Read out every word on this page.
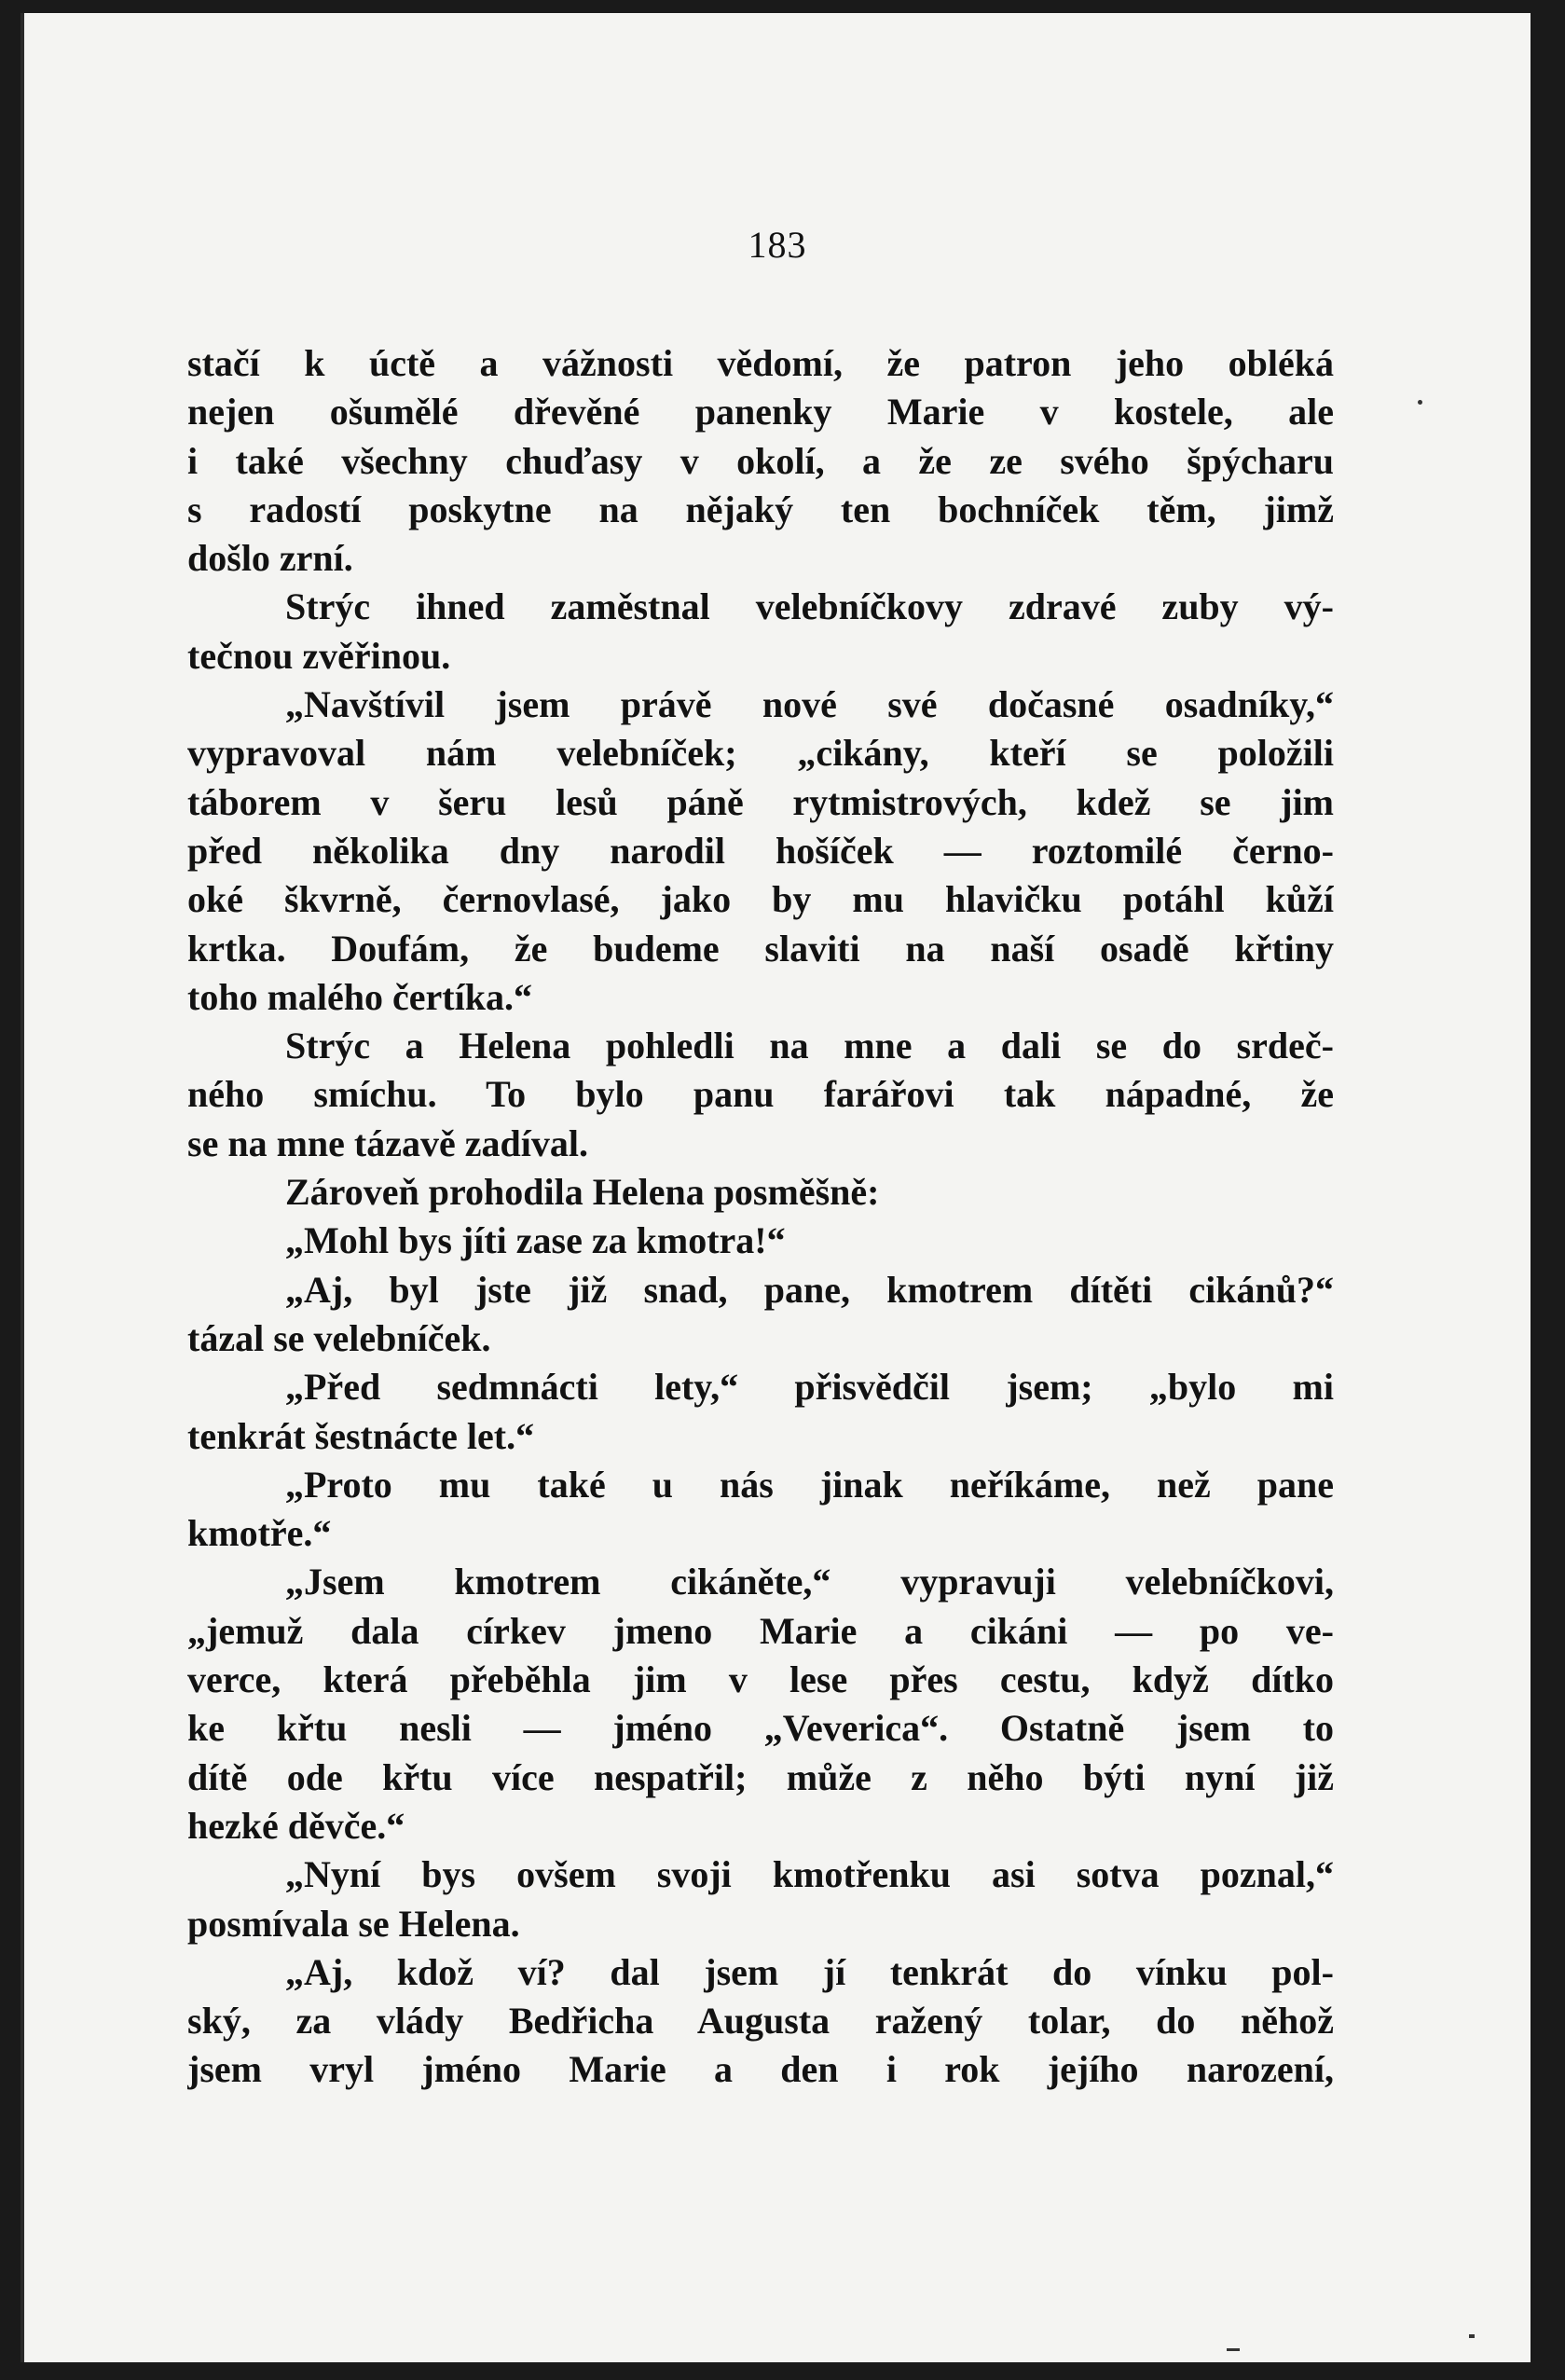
183
stačí k úctě a vážnosti vědomí, že patron jeho obléká
nejen ošumělé dřevěné panenky Marie v kostele, ale
i také všechny chuďasy v okolí, a že ze svého špýcharu
s radostí poskytne na nějaký ten bochníček těm, jimž
došlo zrní.
Strýc ihned zaměstnal velebníčkovy zdravé zuby vý-
tečnou zvěřinou.
„Navštívil jsem právě nové své dočasné osadníky,“
vypravoval nám velebníček; „cikány, kteří se položili
táborem v šeru lesů páně rytmistrových, kdež se jim
před několika dny narodil hošíček — roztomilé černo-
oké škvrně, černovlasé, jako by mu hlavičku potáhl kůží
krtka. Doufám, že budeme slaviti na naší osadě křtiny
toho malého čertíka.“
Strýc a Helena pohledli na mne a dali se do srdeč-
ného smíchu. To bylo panu farářovi tak nápadné, že
se na mne tázavě zadíval.
Zároveň prohodila Helena posměšně:
„Mohl bys jíti zase za kmotra!“
„Aj, byl jste již snad, pane, kmotrem dítěti cikánů?“
tázal se velebníček.
„Před sedmnácti lety,“ přisvědčil jsem; „bylo mi
tenkrát šestnácte let.“
„Proto mu také u nás jinak neříkáme, než pane
kmotře.“
„Jsem kmotrem cikáněte,“ vypravuji velebníčkovi,
„jemuž dala církev jmeno Marie a cikáni — po ve-
verce, která přeběhla jim v lese přes cestu, když dítko
ke křtu nesli — jméno „Veverica“. Ostatně jsem to
dítě ode křtu více nespatřil; může z něho býti nyní již
hezké děvče.“
„Nyní bys ovšem svoji kmotřenku asi sotva poznal,“
posmívala se Helena.
„Aj, kdož ví? dal jsem jí tenkrát do vínku pol-
ský, za vlády Bedřicha Augusta ražený tolar, do něhož
jsem vryl jméno Marie a den i rok jejího narození,
